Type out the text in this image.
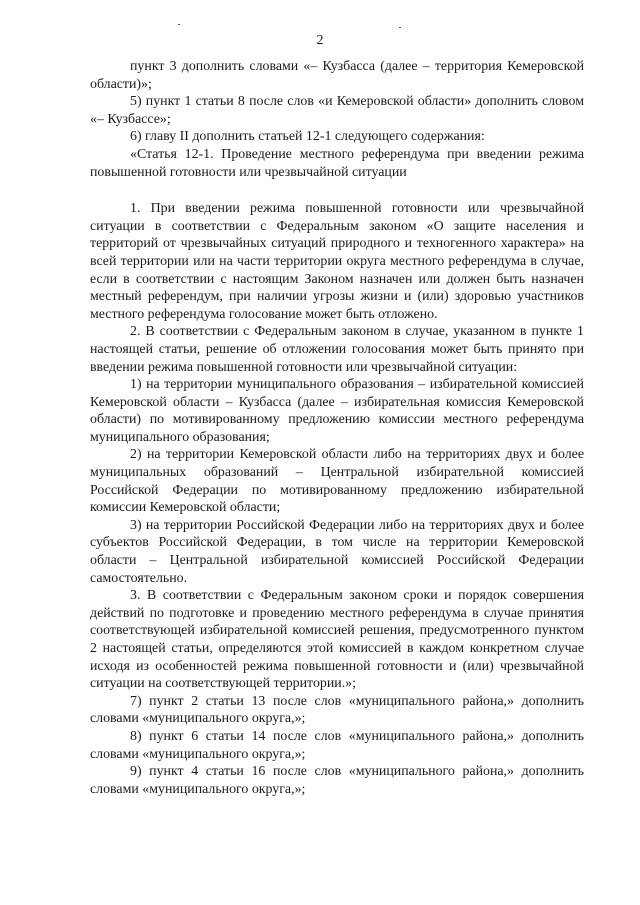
2

пункт 3 дополнить словами «– Кузбасса (далее – территория Кемеровской области)»;

5) пункт 1 статьи 8 после слов «и Кемеровской области» дополнить словом «– Кузбассе»;

6) главу II дополнить статьей 12-1 следующего содержания:

«Статья 12-1. Проведение местного референдума при введении режима повышенной готовности или чрезвычайной ситуации

1. При введении режима повышенной готовности или чрезвычайной ситуации в соответствии с Федеральным законом «О защите населения и территорий от чрезвычайных ситуаций природного и техногенного характера» на всей территории или на части территории округа местного референдума в случае, если в соответствии с настоящим Законом назначен или должен быть назначен местный референдум, при наличии угрозы жизни и (или) здоровью участников местного референдума голосование может быть отложено.

2. В соответствии с Федеральным законом в случае, указанном в пункте 1 настоящей статьи, решение об отложении голосования может быть принято при введении режима повышенной готовности или чрезвычайной ситуации:

1) на территории муниципального образования – избирательной комиссией Кемеровской области – Кузбасса (далее – избирательная комиссия Кемеровской области) по мотивированному предложению комиссии местного референдума муниципального образования;

2) на территории Кемеровской области либо на территориях двух и более муниципальных образований – Центральной избирательной комиссией Российской Федерации по мотивированному предложению избирательной комиссии Кемеровской области;

3) на территории Российской Федерации либо на территориях двух и более субъектов Российской Федерации, в том числе на территории Кемеровской области – Центральной избирательной комиссией Российской Федерации самостоятельно.

3. В соответствии с Федеральным законом сроки и порядок совершения действий по подготовке и проведению местного референдума в случае принятия соответствующей избирательной комиссией решения, предусмотренного пунктом 2 настоящей статьи, определяются этой комиссией в каждом конкретном случае исходя из особенностей режима повышенной готовности и (или) чрезвычайной ситуации на соответствующей территории.»;

7) пункт 2 статьи 13 после слов «муниципального района,» дополнить словами «муниципального округа,»;

8) пункт 6 статьи 14 после слов «муниципального района,» дополнить словами «муниципального округа,»;

9) пункт 4 статьи 16 после слов «муниципального района,» дополнить словами «муниципального округа,»;
